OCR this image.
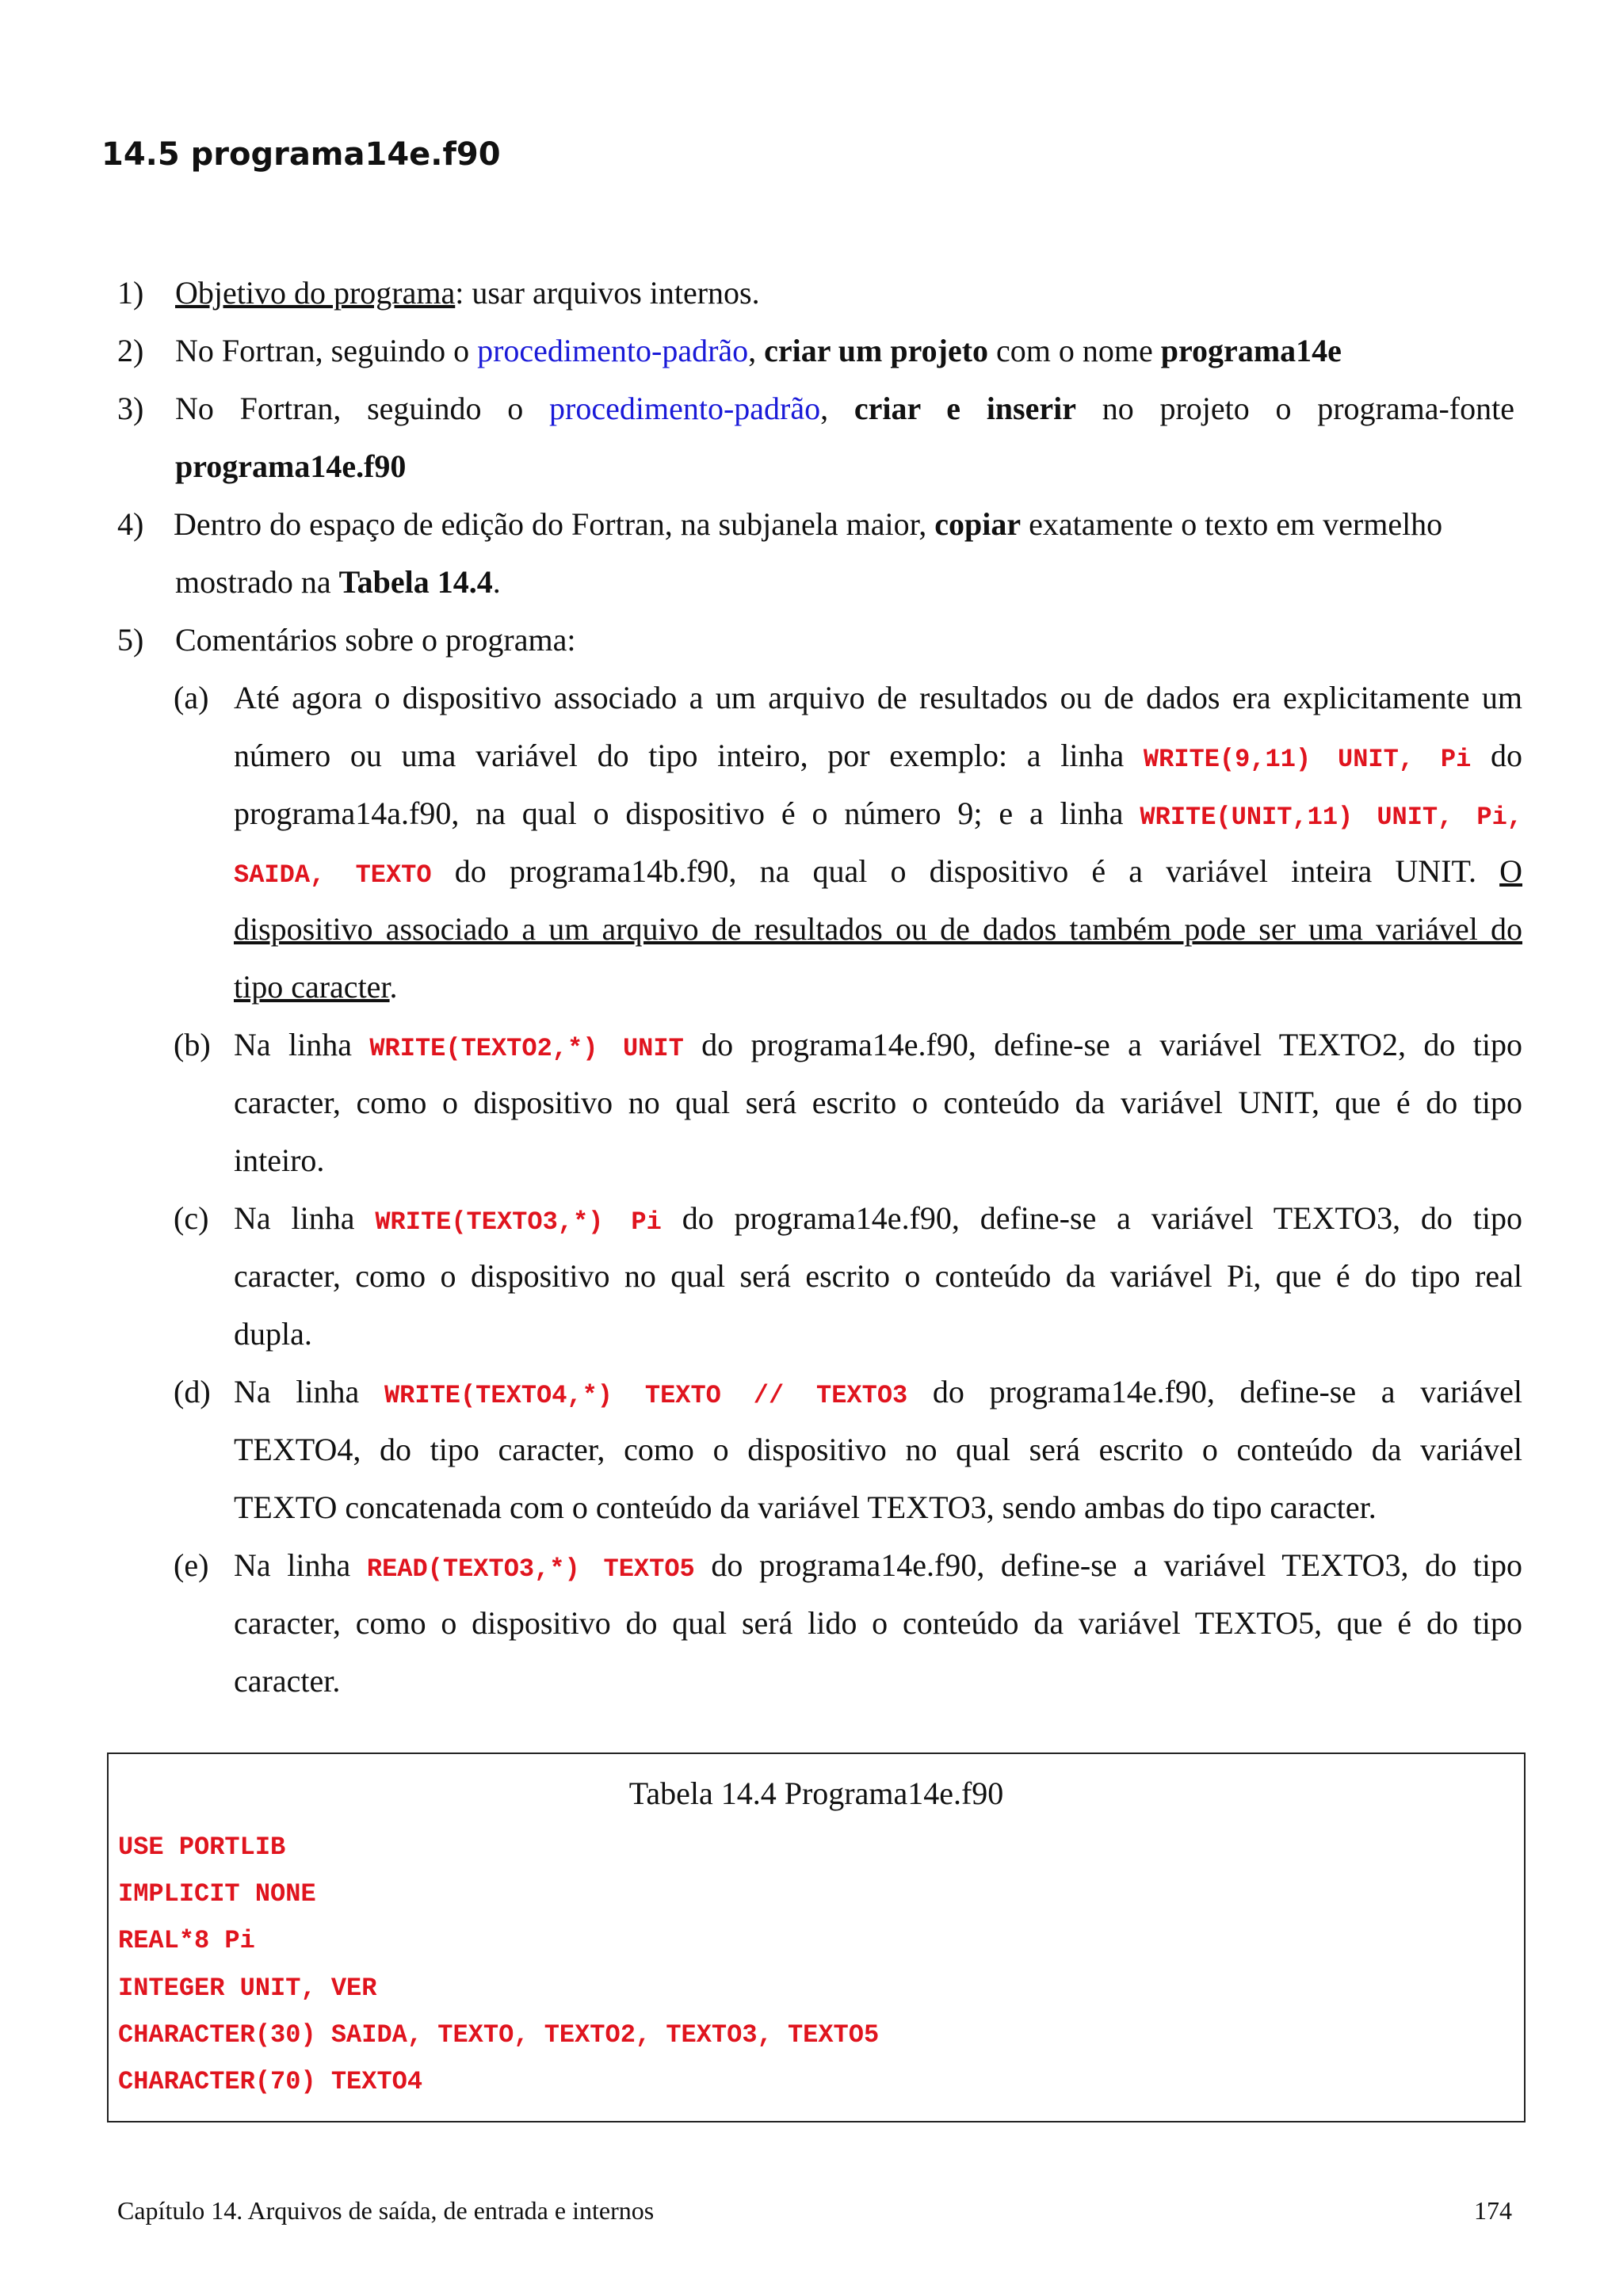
14.5 programa14e.f90
1) Objetivo do programa: usar arquivos internos.

2) No Fortran, seguindo o procedimento-padrão, criar um projeto com o nome programa14e

3) No Fortran, seguindo o procedimento-padrão, criar e inserir no projeto o programa-fonte

programa14e.f90

4) Dentro do espaço de edição do Fortran, na subjanela maior, copiar exatamente o texto em vermelho

mostrado na Tabela 14.4.

5) Comentários sobre o programa:

(a) Até agora o dispositivo associado a um arquivo de resultados ou de dados era explicitamente um

número ou uma variável do tipo inteiro, por exemplo: a linha WRITE(9,11) UNIT, Pi do

programa14a.f90, na qual o dispositivo é o número 9; e a linha WRITE(UNIT,11) UNIT, Pi,

SAIDA, TEXTO do programa14b.f90, na qual o dispositivo é a variável inteira UNIT. O

dispositivo associado a um arquivo de resultados ou de dados também pode ser uma variável do

tipo caracter.

(b) Na linha WRITE(TEXTO2,*) UNIT do programa14e.f90, define-se a variável TEXTO2, do tipo

caracter, como o dispositivo no qual será escrito o conteúdo da variável UNIT, que é do tipo

inteiro.

(c) Na linha WRITE(TEXTO3,*) Pi do programa14e.f90, define-se a variável TEXTO3, do tipo

caracter, como o dispositivo no qual será escrito o conteúdo da variável Pi, que é do tipo real

dupla.

(d) Na linha WRITE(TEXTO4,*) TEXTO // TEXTO3 do programa14e.f90, define-se a variável

TEXTO4, do tipo caracter, como o dispositivo no qual será escrito o conteúdo da variável

TEXTO concatenada com o conteúdo da variável TEXTO3, sendo ambas do tipo caracter.

(e) Na linha READ(TEXTO3,*) TEXTO5 do programa14e.f90, define-se a variável TEXTO3, do tipo

caracter, como o dispositivo do qual será lido o conteúdo da variável TEXTO5, que é do tipo

caracter.

Tabela 14.4 Programa14e.f90
USE PORTLIB
IMPLICIT NONE
REAL*8 Pi
INTEGER UNIT, VER
CHARACTER(30) SAIDA, TEXTO, TEXTO2, TEXTO3, TEXTO5
CHARACTER(70) TEXTO4
Capítulo 14. Arquivos de saída, de entrada e internos	174
